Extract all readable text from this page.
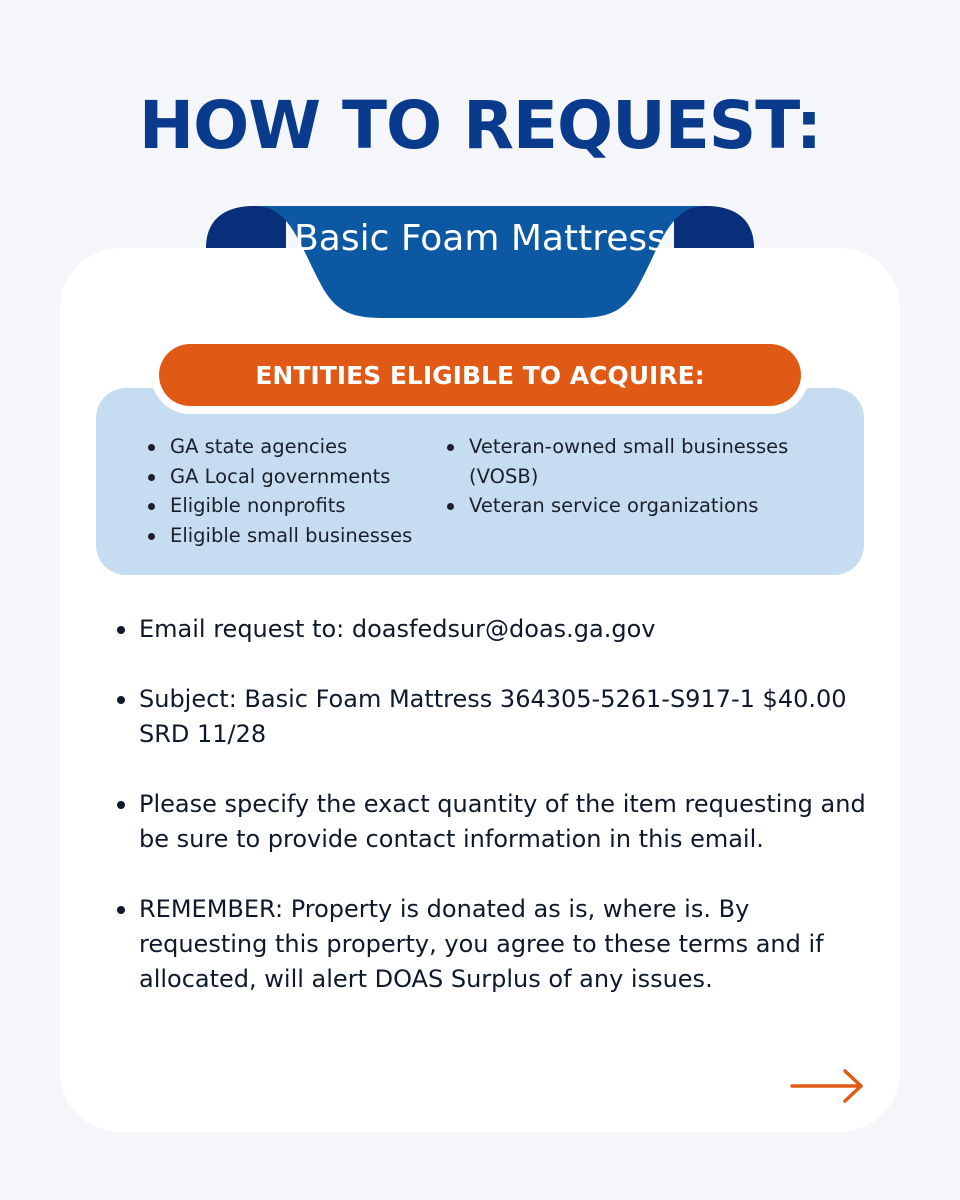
HOW TO REQUEST:

Basic Foam Mattress

ENTITIES ELIGIBLE TO ACQUIRE:
GA state agencies
GA Local governments
Eligible nonprofits
Eligible small businesses
Veteran-owned small businesses (VOSB)
Veteran service organizations
Email request to: doasfedsur@doas.ga.gov
Subject: Basic Foam Mattress 364305-5261-S917-1 $40.00 SRD 11/28
Please specify the exact quantity of the item requesting and be sure to provide contact information in this email.
REMEMBER: Property is donated as is, where is. By requesting this property, you agree to these terms and if allocated, will alert DOAS Surplus of any issues.
